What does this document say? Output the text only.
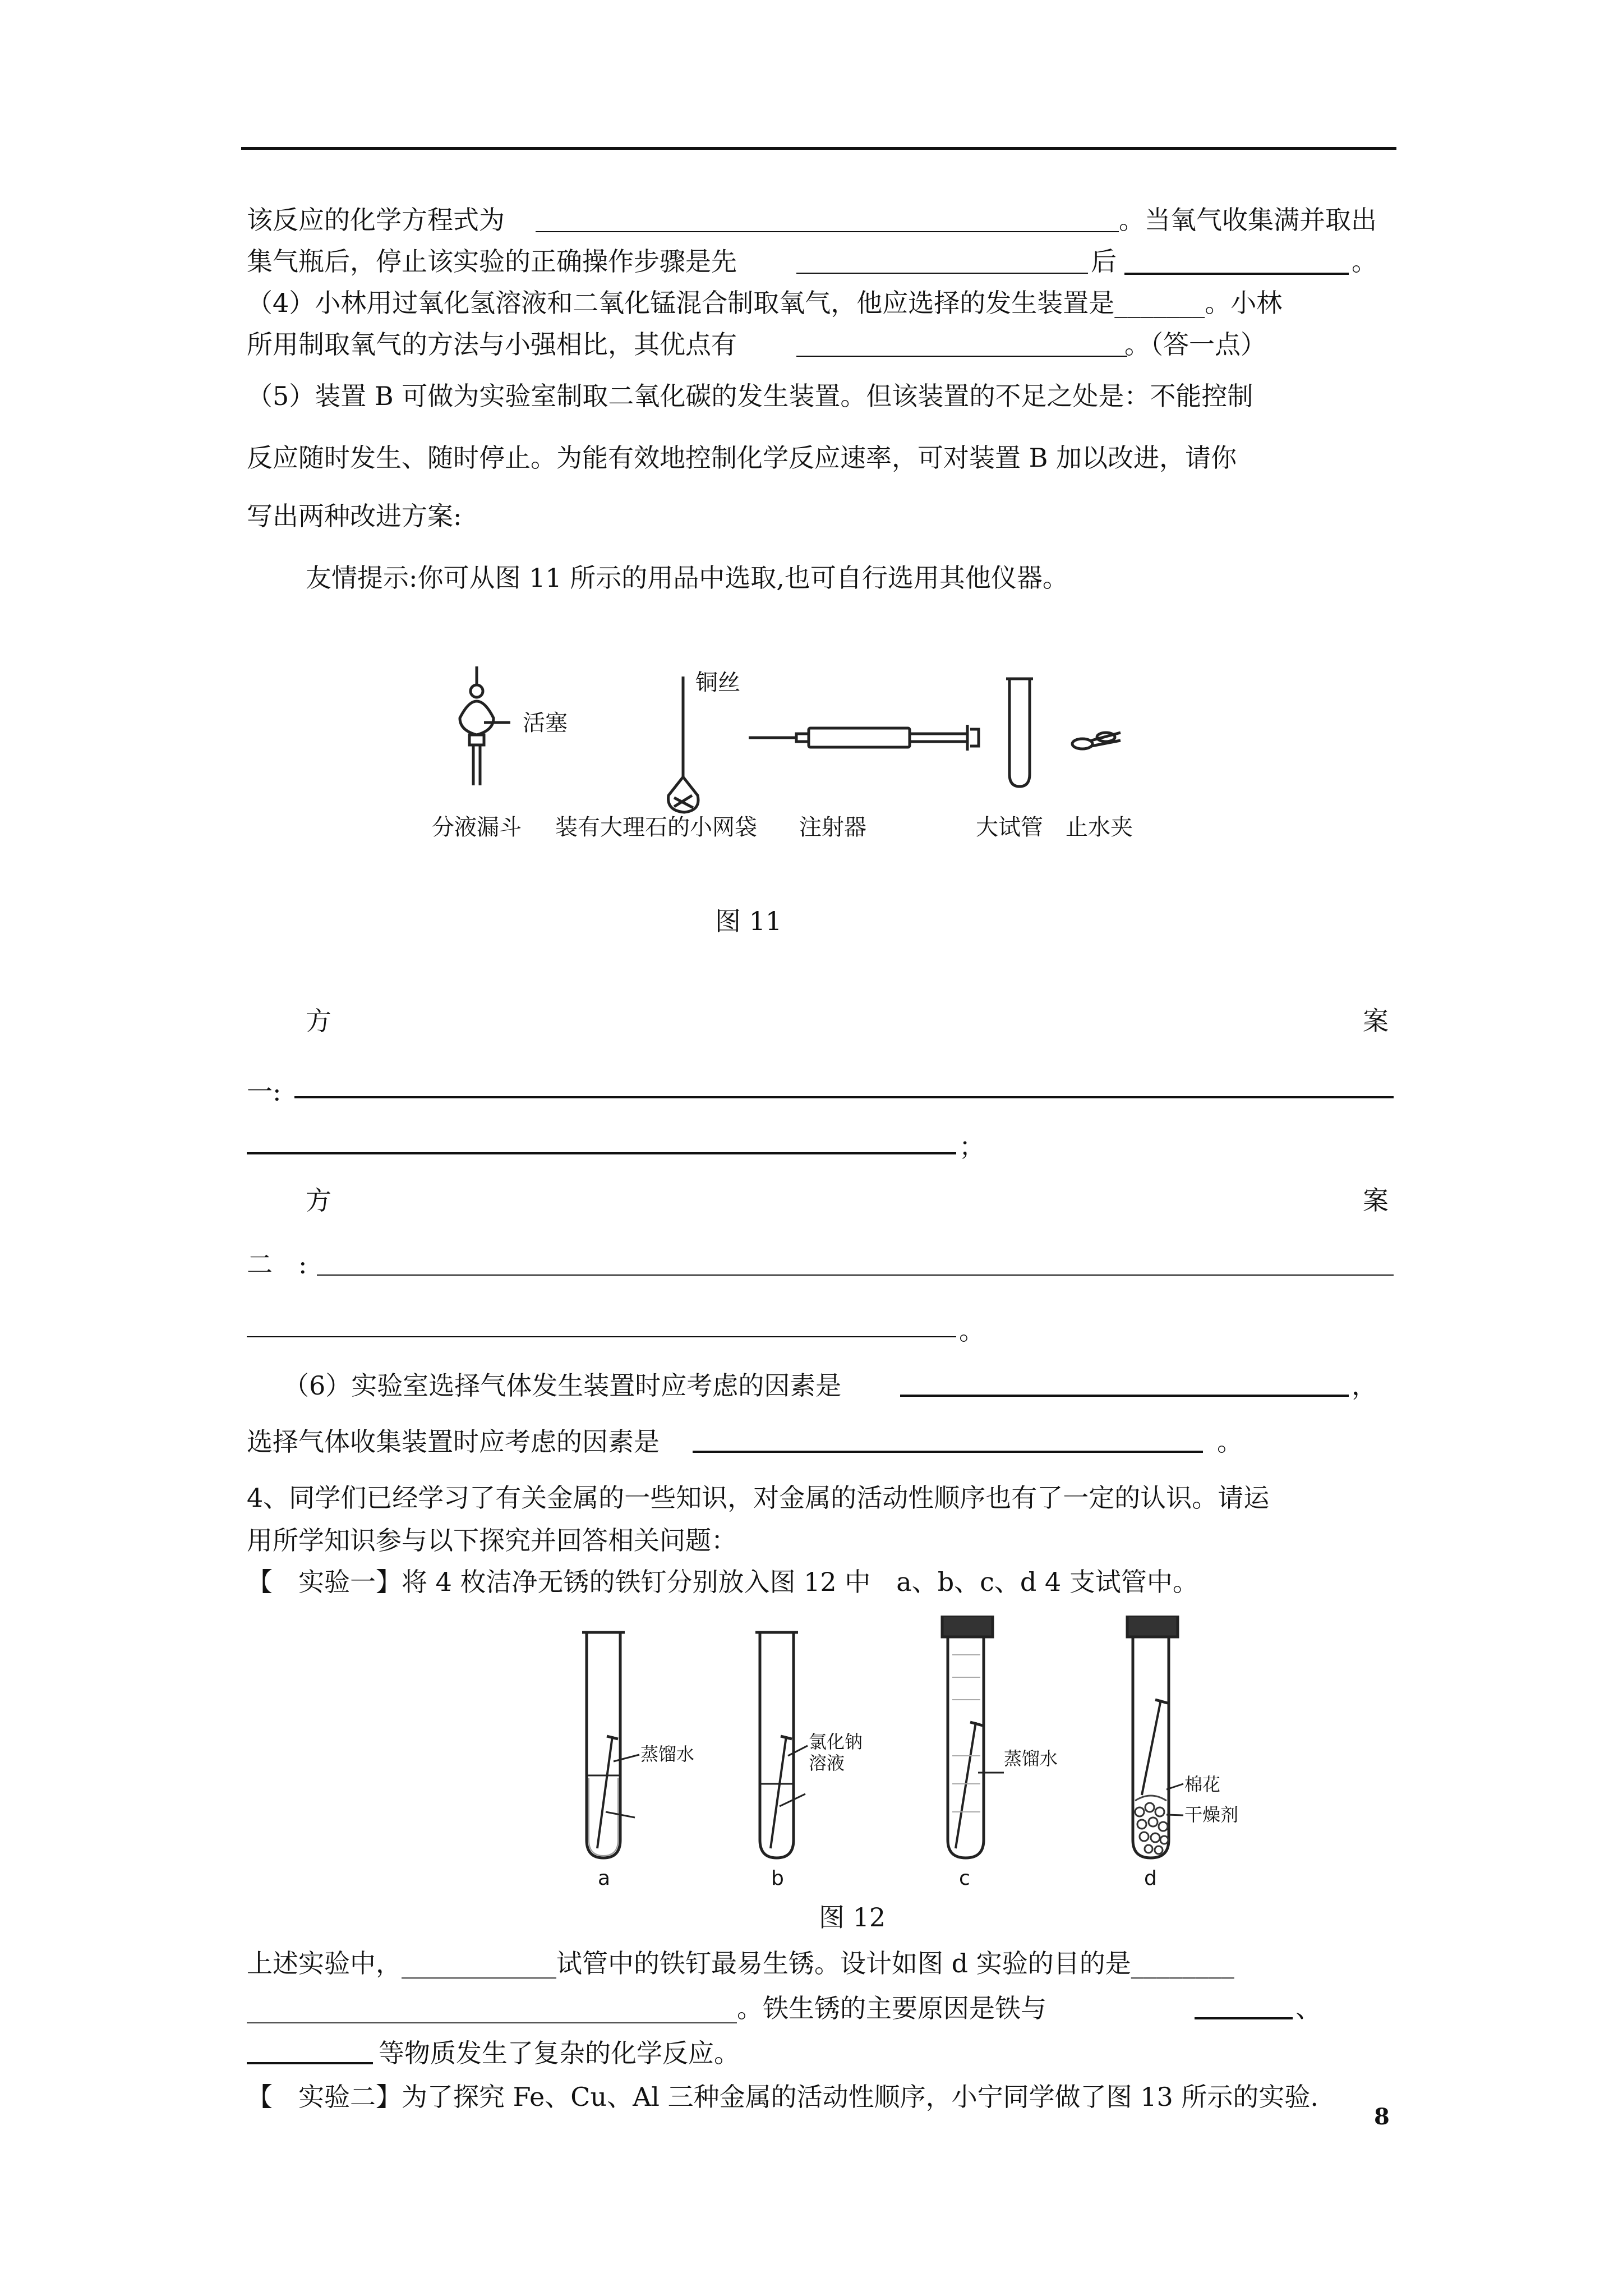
该反应的化学方程式为	。当氧气收集满并取出
集气瓶后，停止该实验的正确操作步骤是先	后	。
（4）小林用过氧化氢溶液和二氧化锰混合制取氧气，他应选择的发生装置是_______。小林
所用制取氧气的方法与小强相比，其优点有	。（答一点）
（5）装置 B 可做为实验室制取二氧化碳的发生装置。但该装置的不足之处是：不能控制
反应随时发生、随时停止。为能有效地控制化学反应速率，可对装置 B 加以改进，请你
写出两种改进方案:
友情提示:你可从图 11 所示的用品中选取,也可自行选用其他仪器。
活塞
铜丝
分液漏斗 装有大理石的小网袋 注射器	大试管 止水夹
图 11
方	案
一:
；
方	案
二　:
。
（6）实验室选择气体发生装置时应考虑的因素是	，
选择气体收集装置时应考虑的因素是	。
4、同学们已经学习了有关金属的一些知识，对金属的活动性顺序也有了一定的认识。请运
用所学知识参与以下探究并回答相关问题：
【　实验一】将 4 枚洁净无锈的铁钉分别放入图 12 中　a、b、c、d 4 支试管中。
蒸馏水
氯化钠
溶液	蒸馏水
棉花
干燥剂
a	b	c	d
图 12
上述实验中，____________试管中的铁钉最易生锈。设计如图 d 实验的目的是________
______________________________________。铁生锈的主要原因是铁与	、
等物质发生了复杂的化学反应。
【　实验二】为了探究 Fe、Cu、Al 三种金属的活动性顺序，小宁同学做了图 13 所示的实验.
8
